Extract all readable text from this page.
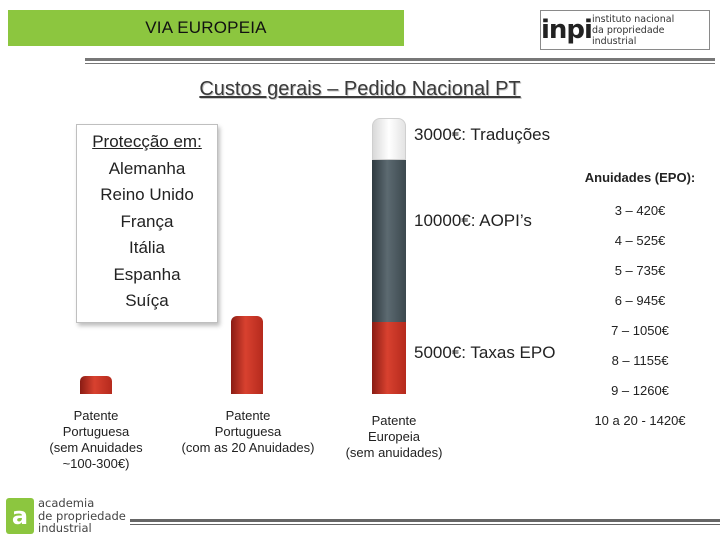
VIA EUROPEIA	inpi instituto nacional
da propriedade industrial
Custos gerais – Pedido Nacional PT
Protecção em:
Alemanha
Reino Unido
França
Itália
Espanha
Suíça
3000€: Traduções
10000€: AOPI’s
5000€: Taxas EPO
Patente
Portuguesa
(sem Anuidades
~100-300€)
Patente
Portuguesa
(com as 20 Anuidades)
Patente
Europeia
(sem anuidades)
Anuidades (EPO):
3 – 420€
4 – 525€
5 – 735€
6 – 945€
7 – 1050€
8 – 1155€
9 – 1260€
10 a 20 - 1420€
a academia
de propriedade
industrial
